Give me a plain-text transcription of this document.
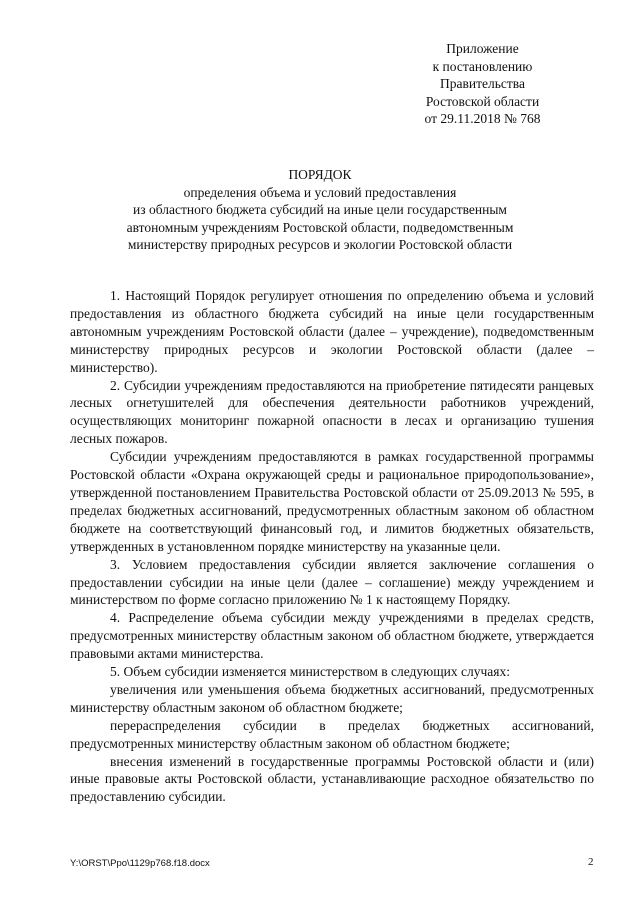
Приложение
к постановлению
Правительства
Ростовской области
от 29.11.2018 № 768
ПОРЯДОК
определения объема и условий предоставления
из областного бюджета субсидий на иные цели государственным
автономным учреждениям Ростовской области, подведомственным
министерству природных ресурсов и экологии Ростовской области

1. Настоящий Порядок регулирует отношения по определению объема и условий предоставления из областного бюджета субсидий на иные цели государственным автономным учреждениям Ростовской области (далее – учреждение), подведомственным министерству природных ресурсов и экологии Ростовской области (далее – министерство).

2. Субсидии учреждениям предоставляются на приобретение пятидесяти ранцевых лесных огнетушителей для обеспечения деятельности работников учреждений, осуществляющих мониторинг пожарной опасности в лесах и организацию тушения лесных пожаров.

Субсидии учреждениям предоставляются в рамках государственной программы Ростовской области «Охрана окружающей среды и рациональное природопользование», утвержденной постановлением Правительства Ростовской области от 25.09.2013 № 595, в пределах бюджетных ассигнований, предусмотренных областным законом об областном бюджете на соответствующий финансовый год, и лимитов бюджетных обязательств, утвержденных в установленном порядке министерству на указанные цели.

3. Условием предоставления субсидии является заключение соглашения о предоставлении субсидии на иные цели (далее – соглашение) между учреждением и министерством по форме согласно приложению № 1 к настоящему Порядку.

4. Распределение объема субсидии между учреждениями в пределах средств, предусмотренных министерству областным законом об областном бюджете, утверждается правовыми актами министерства.

5. Объем субсидии изменяется министерством в следующих случаях:

увеличения или уменьшения объема бюджетных ассигнований, предусмотренных министерству областным законом об областном бюджете;

перераспределения субсидии в пределах бюджетных ассигнований, предусмотренных министерству областным законом об областном бюджете;

внесения изменений в государственные программы Ростовской области и (или) иные правовые акты Ростовской области, устанавливающие расходное обязательство по предоставлению субсидии.

Y:\ORST\Ppo\1129p768.f18.docx	2
